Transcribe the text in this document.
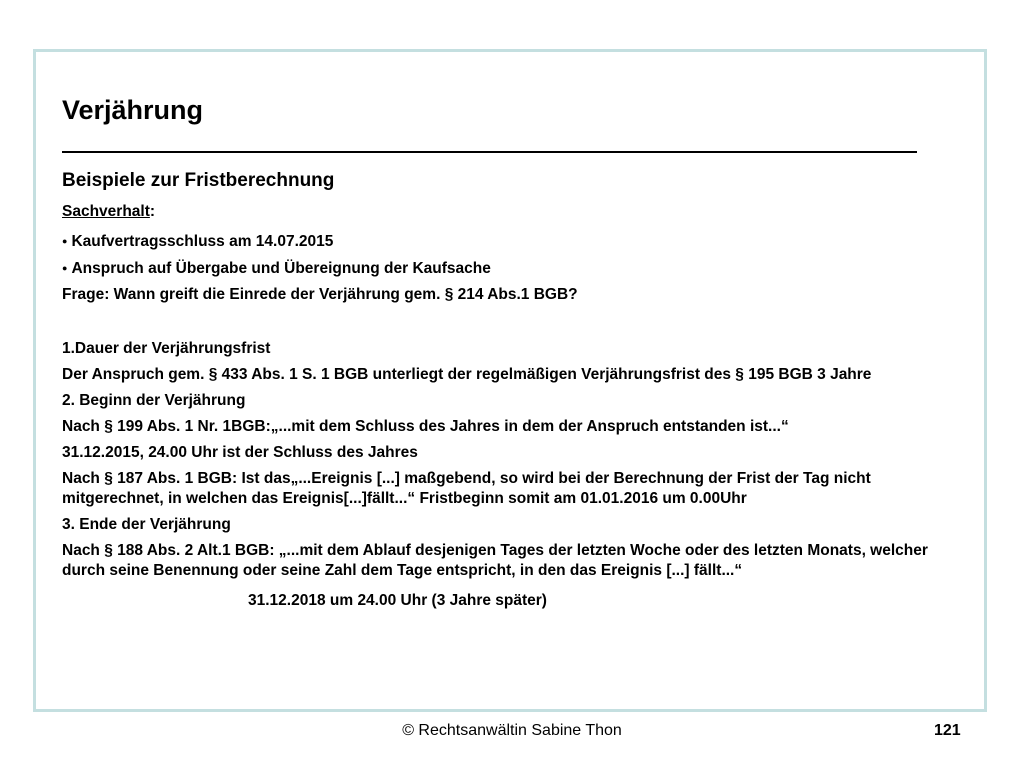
Verjährung
Beispiele zur Fristberechnung
Sachverhalt:
● Kaufvertragsschluss am 14.07.2015
● Anspruch auf Übergabe und Übereignung der Kaufsache
Frage: Wann greift die Einrede der Verjährung gem. § 214 Abs.1 BGB?
1.Dauer der Verjährungsfrist
Der Anspruch gem. § 433 Abs. 1 S. 1 BGB unterliegt der regelmäßigen Verjährungsfrist des § 195 BGB 3 Jahre
2. Beginn der Verjährung
Nach § 199 Abs. 1 Nr. 1BGB:„...mit dem Schluss des Jahres in dem der Anspruch entstanden ist...“
31.12.2015, 24.00 Uhr ist der Schluss des Jahres
Nach § 187 Abs. 1 BGB: Ist das„...Ereignis [...] maßgebend, so wird bei der Berechnung der Frist der Tag nicht mitgerechnet, in welchen das Ereignis[...]fällt...“ Fristbeginn somit am 01.01.2016 um 0.00Uhr
3. Ende der Verjährung
Nach § 188 Abs. 2 Alt.1 BGB: „...mit dem Ablauf desjenigen Tages der letzten Woche oder des letzten Monats, welcher durch seine Benennung oder seine Zahl dem Tage entspricht, in den das Ereignis [...] fällt...“
31.12.2018 um 24.00 Uhr (3 Jahre später)
© Rechtsanwältin Sabine Thon	121
